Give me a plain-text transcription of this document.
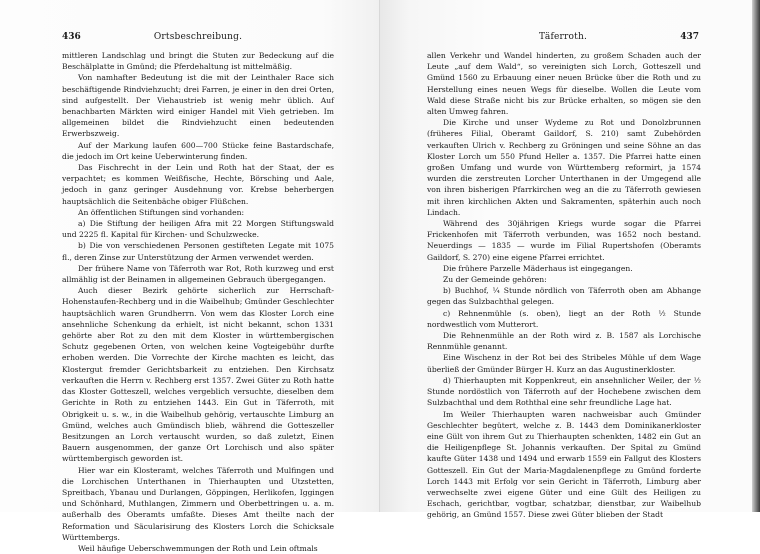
436	Ortsbeschreibung.

mittleren Landschlag und bringt die Stuten zur Bedeckung auf die Beschälplatte in Gmünd; die Pferdehaltung ist mittelmäßig.

Von namhafter Bedeutung ist die mit der Leinthaler Race sich beschäftigende Rindviehzucht; drei Farren, je einer in den drei Orten, sind aufgestellt. Der Viehaustrieb ist wenig mehr üblich. Auf benachbarten Märkten wird einiger Handel mit Vieh getrieben. Im allgemeinen bildet die Rindviehzucht einen bedeutenden Erwerbszweig.

Auf der Markung laufen 600—700 Stücke feine Bastardschafe, die jedoch im Ort keine Ueberwinterung finden.

Das Fischrecht in der Lein und Roth hat der Staat, der es verpachtet; es kommen Weißfische, Hechte, Börsching und Aale, jedoch in ganz geringer Ausdehnung vor. Krebse beherbergen hauptsächlich die Seitenbäche obiger Flüßchen.

An öffentlichen Stiftungen sind vorhanden:

a) Die Stiftung der heiligen Afra mit 22 Morgen Stiftungswald und 2225 fl. Kapital für Kirchen- und Schulzwecke.

b) Die von verschiedenen Personen gestifteten Legate mit 1075 fl., deren Zinse zur Unterstützung der Armen verwendet werden.

Der frühere Name von Täferroth war Rot, Roth kurzweg und erst allmählig ist der Beinamen in allgemeinen Gebrauch übergegangen.

Auch dieser Bezirk gehörte sicherlich zur Herrschaft-Hohenstaufen-Rechberg und in die Waibelhub; Gmünder Geschlechter hauptsächlich waren Grundherrn. Von wem das Kloster Lorch eine ansehnliche Schenkung da erhielt, ist nicht bekannt, schon 1331 gehörte aber Rot zu den mit dem Kloster in württembergischen Schutz gegebenen Orten, von welchen keine Vogteigebühr durfte erhoben werden. Die Vorrechte der Kirche machten es leicht, das Klostergut fremder Gerichtsbarkeit zu entziehen. Den Kirchsatz verkauften die Herrn v. Rechberg erst 1357. Zwei Güter zu Roth hatte das Kloster Gotteszell, welches vergeblich versuchte, dieselben dem Gerichte in Roth zu entziehen 1443. Ein Gut in Täferroth, mit Obrigkeit u. s. w., in die Waibelhub gehörig, vertauschte Limburg an Gmünd, welches auch Gmündisch blieb, während die Gotteszeller Besitzungen an Lorch vertauscht wurden, so daß zuletzt, Einen Bauern ausgenommen, der ganze Ort Lorchisch und also später württembergisch geworden ist.

Hier war ein Klosteramt, welches Täferroth und Mulfingen und die Lorchischen Unterthanen in Thierhaupten und Utzstetten, Spreitbach, Ybanau und Durlangen, Göppingen, Herlikofen, Iggingen und Schönhard, Muthlangen, Zimmern und Oberbettringen u. a. m. außerhalb des Oberamts umfaßte. Dieses Amt theilte nach der Reformation und Säcularisirung des Klosters Lorch die Schicksale Württembergs.

Weil häufige Ueberschwemmungen der Roth und Lein oftmals

Täferroth.	437

allen Verkehr und Wandel hinderten, zu großem Schaden auch der Leute „auf dem Wald“, so vereinigten sich Lorch, Gotteszell und Gmünd 1560 zu Erbauung einer neuen Brücke über die Roth und zu Herstellung eines neuen Wegs für dieselbe. Wollen die Leute vom Wald diese Straße nicht bis zur Brücke erhalten, so mögen sie den alten Umweg fahren.

Die Kirche und unser Wydeme zu Rot und Donolzbrunnen (früheres Filial, Oberamt Gaildorf, S. 210) samt Zubehörden verkauften Ulrich v. Rechberg zu Gröningen und seine Söhne an das Kloster Lorch um 550 Pfund Heller a. 1357. Die Pfarrei hatte einen großen Umfang und wurde von Württemberg reformirt, ja 1574 wurden die zerstreuten Lorcher Unterthanen in der Umgegend alle von ihren bisherigen Pfarrkirchen weg an die zu Täferroth gewiesen mit ihren kirchlichen Akten und Sakramenten, späterhin auch noch Lindach.

Während des 30jährigen Kriegs wurde sogar die Pfarrei Frickenhofen mit Täferroth verbunden, was 1652 noch bestand. Neuerdings — 1835 — wurde im Filial Rupertshofen (Oberamts Gaildorf, S. 270) eine eigene Pfarrei errichtet.

Die frühere Parzelle Mäderhaus ist eingegangen.

Zu der Gemeinde gehören:

b) Buchhof, ¼ Stunde nördlich von Täferroth oben am Abhange gegen das Sulzbachthal gelegen.

c) Rehnenmühle (s. oben), liegt an der Roth ½ Stunde nordwestlich vom Mutterort.

Die Rehnenmühle an der Roth wird z. B. 1587 als Lorchische Rennmühle genannt.

Eine Wischenz in der Rot bei des Stribeles Mühle uf dem Wage überließ der Gmünder Bürger H. Kurz an das Augustinerkloster.

d) Thierhaupten mit Koppenkreut, ein ansehnlicher Weiler, der ½ Stunde nordöstlich von Täferroth auf der Hochebene zwischen dem Sulzbachthal und dem Roththal eine sehr freundliche Lage hat.

Im Weiler Thierhaupten waren nachweisbar auch Gmünder Geschlechter begütert, welche z. B. 1443 dem Dominikanerkloster eine Gült von ihrem Gut zu Thierhaupten schenkten, 1482 ein Gut an die Heiligenpflege St. Johannis verkauften. Der Spital zu Gmünd kaufte Güter 1438 und 1494 und erwarb 1559 ein Fallgut des Klosters Gotteszell. Ein Gut der Maria-Magdalenenpflege zu Gmünd forderte Lorch 1443 mit Erfolg vor sein Gericht in Täferroth, Limburg aber verwechselte zwei eigene Güter und eine Gült des Heiligen zu Eschach, gerichtbar, vogtbar, schatzbar, dienstbar, zur Waibelhub gehörig, an Gmünd 1557. Diese zwei Güter blieben der Stadt
